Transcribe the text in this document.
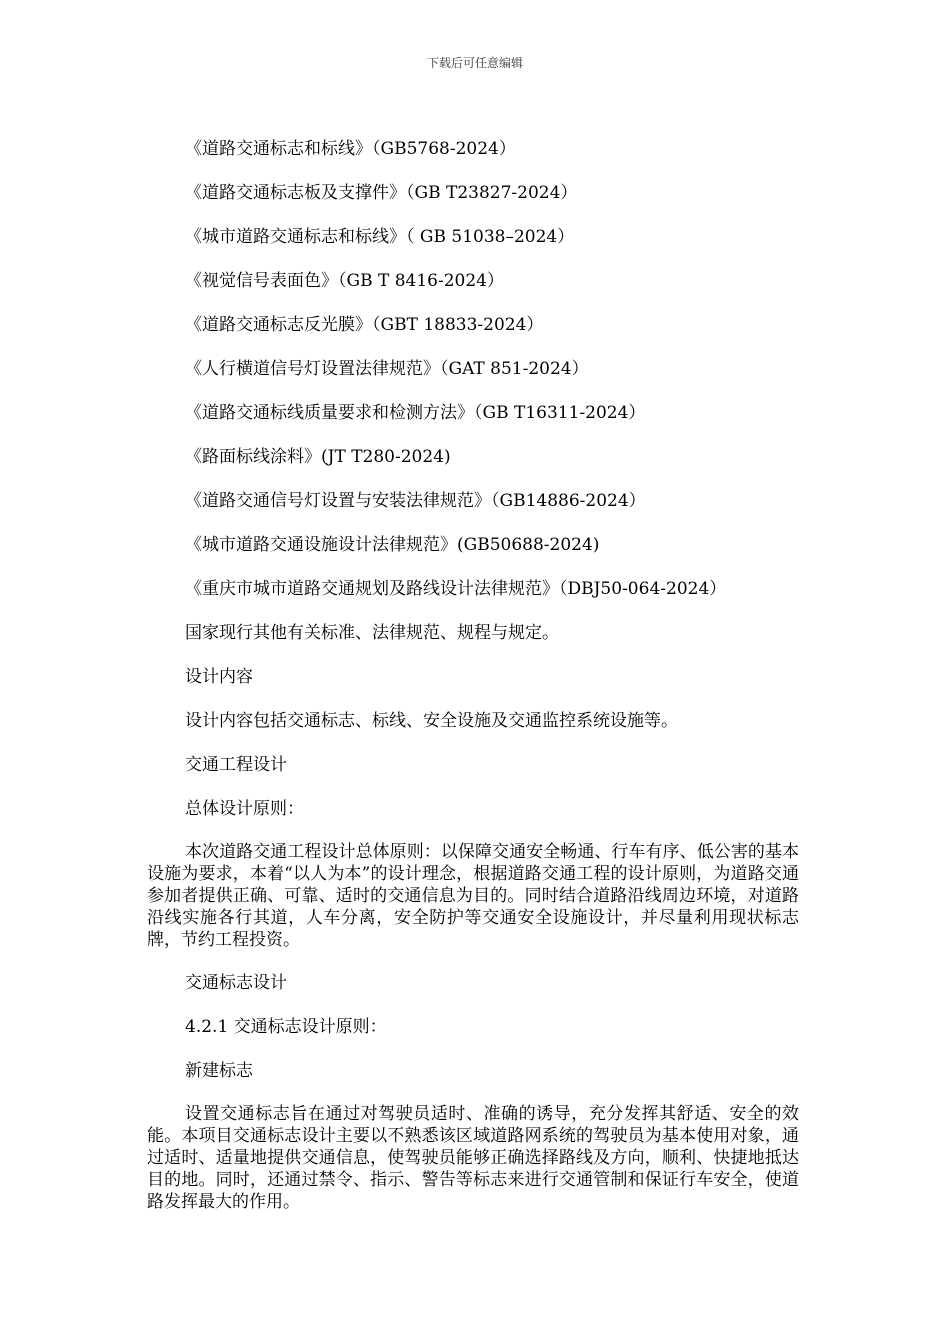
下载后可任意编辑
《道路交通标志和标线》（GB5768-2024）
《道路交通标志板及支撑件》（GB T23827-2024）
《城市道路交通标志和标线》（ GB 51038–2024）
《视觉信号表面色》（GB T 8416-2024）
《道路交通标志反光膜》（GBT 18833-2024）
《人行横道信号灯设置法律规范》（GAT 851-2024）
《道路交通标线质量要求和检测方法》（GB T16311-2024）
《路面标线涂料》(JT T280-2024)
《道路交通信号灯设置与安装法律规范》（GB14886-2024）
《城市道路交通设施设计法律规范》(GB50688-2024)
《重庆市城市道路交通规划及路线设计法律规范》（DBJ50-064-2024）
国家现行其他有关标准、法律规范、规程与规定。
设计内容
设计内容包括交通标志、标线、安全设施及交通监控系统设施等。
交通工程设计
总体设计原则：

本次道路交通工程设计总体原则：以保障交通安全畅通、行车有序、低公害的基本设施为要求，本着“以人为本”的设计理念，根据道路交通工程的设计原则，为道路交通参加者提供正确、可靠、适时的交通信息为目的。同时结合道路沿线周边环境，对道路沿线实施各行其道，人车分离，安全防护等交通安全设施设计，并尽量利用现状标志牌，节约工程投资。

交通标志设计
4.2.1 交通标志设计原则：
新建标志

设置交通标志旨在通过对驾驶员适时、准确的诱导，充分发挥其舒适、安全的效能。本项目交通标志设计主要以不熟悉该区域道路网系统的驾驶员为基本使用对象，通过适时、适量地提供交通信息，使驾驶员能够正确选择路线及方向，顺利、快捷地抵达目的地。同时，还通过禁令、指示、警告等标志来进行交通管制和保证行车安全，使道路发挥最大的作用。
